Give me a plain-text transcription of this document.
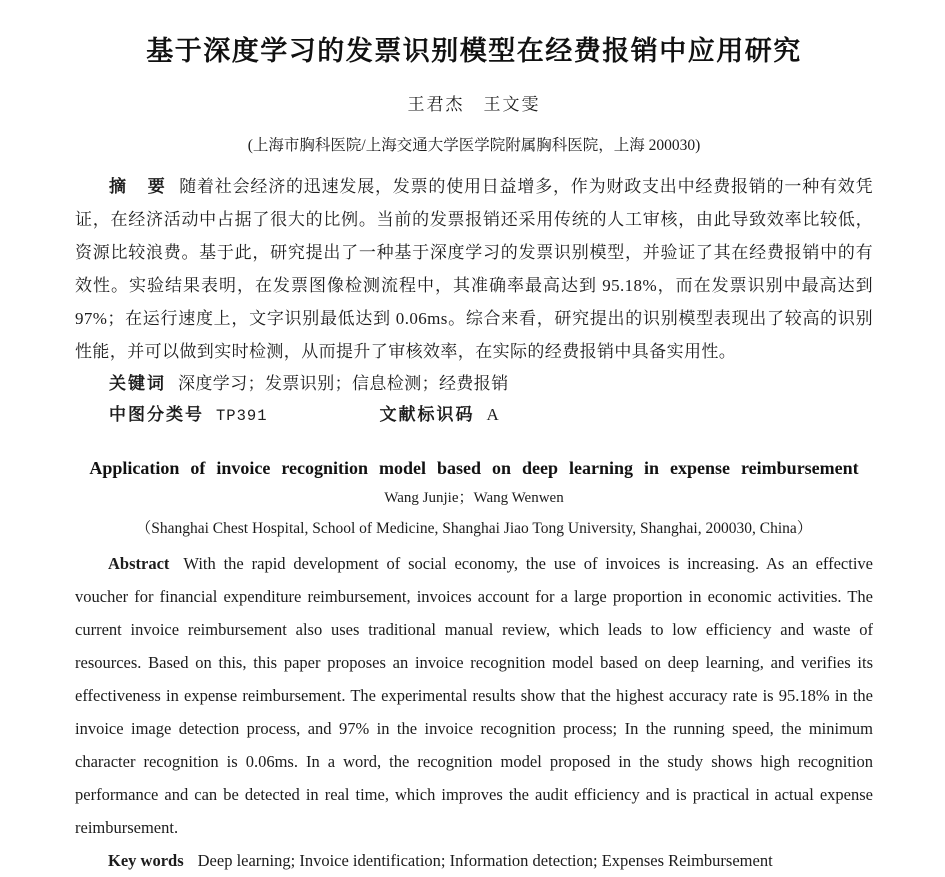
基于深度学习的发票识别模型在经费报销中应用研究

王君杰　王文雯

(上海市胸科医院/上海交通大学医学院附属胸科医院，上海 200030)

摘　要 随着社会经济的迅速发展，发票的使用日益增多，作为财政支出中经费报销的一种有效凭证，在经济活动中占据了很大的比例。当前的发票报销还采用传统的人工审核，由此导致效率比较低，资源比较浪费。基于此，研究提出了一种基于深度学习的发票识别模型，并验证了其在经费报销中的有效性。实验结果表明，在发票图像检测流程中，其准确率最高达到 95.18%，而在发票识别中最高达到 97%；在运行速度上，文字识别最低达到 0.06ms。综合来看，研究提出的识别模型表现出了较高的识别性能，并可以做到实时检测，从而提升了审核效率，在实际的经费报销中具备实用性。

关键词 深度学习；发票识别；信息检测；经费报销

中图分类号 TP391	文献标识码 A

Application of invoice recognition model based on deep learning in expense reimbursement

Wang Junjie；Wang Wenwen

（Shanghai Chest Hospital, School of Medicine, Shanghai Jiao Tong University, Shanghai, 200030, China）

Abstract With the rapid development of social economy, the use of invoices is increasing. As an effective voucher for financial expenditure reimbursement, invoices account for a large proportion in economic activities. The current invoice reimbursement also uses traditional manual review, which leads to low efficiency and waste of resources. Based on this, this paper proposes an invoice recognition model based on deep learning, and verifies its effectiveness in expense reimbursement. The experimental results show that the highest accuracy rate is 95.18% in the invoice image detection process, and 97% in the invoice recognition process; In the running speed, the minimum character recognition is 0.06ms. In a word, the recognition model proposed in the study shows high recognition performance and can be detected in real time, which improves the audit efficiency and is practical in actual expense reimbursement.

Key words Deep learning; Invoice identification; Information detection; Expenses Reimbursement
